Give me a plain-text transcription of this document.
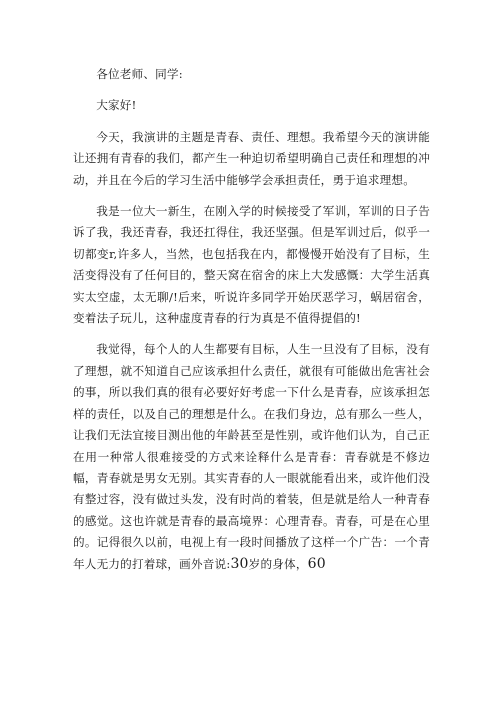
各位老师、同学:

大家好!

今天，我演讲的主题是青春、责任、理想。我希望今天的演讲能让还拥有青春的我们，都产生一种迫切希望明确自己责任和理想的冲动，并且在今后的学习生活中能够学会承担责任，勇于追求理想。

我是一位大一新生，在刚入学的时候接受了军训，军训的日子告诉了我，我还青春，我还扛得住，我还坚强。但是军训过后，似乎一切都变r,许多人，当然，也包括我在内，都慢慢开始没有了目标，生活变得没有了任何目的，整天窝在宿舍的床上大发感慨：大学生活真实太空虚，太无聊/!后来，听说许多同学开始厌恶学习，蜗居宿舍，变着法子玩儿，这种虚度青春的行为真是不值得提倡的!

我觉得，每个人的人生都要有目标，人生一旦没有了目标，没有了理想，就不知道自己应该承担什么责任，就很有可能做出危害社会的事，所以我们真的很有必要好好考虑一下什么是青春，应该承担怎样的责任，以及自己的理想是什么。在我们身边，总有那么一些人，让我们无法宜接目测出他的年龄甚至是性别，或许他们认为，自己正在用一种常人很难接受的方式来诠释什么是青春：青春就是不修边幅，青春就是男女无别。其实青春的人一眼就能看出来，或许他们没有整过容，没有做过头发，没有时尚的着装，但是就是给人一种青春的感觉。这也许就是青春的最高境界：心理青春。青春，可是在心里的。记得很久以前，电视上有一段时间播放了这样一个广告：一个青年人无力的打着球，画外音说:30岁的身体，60
